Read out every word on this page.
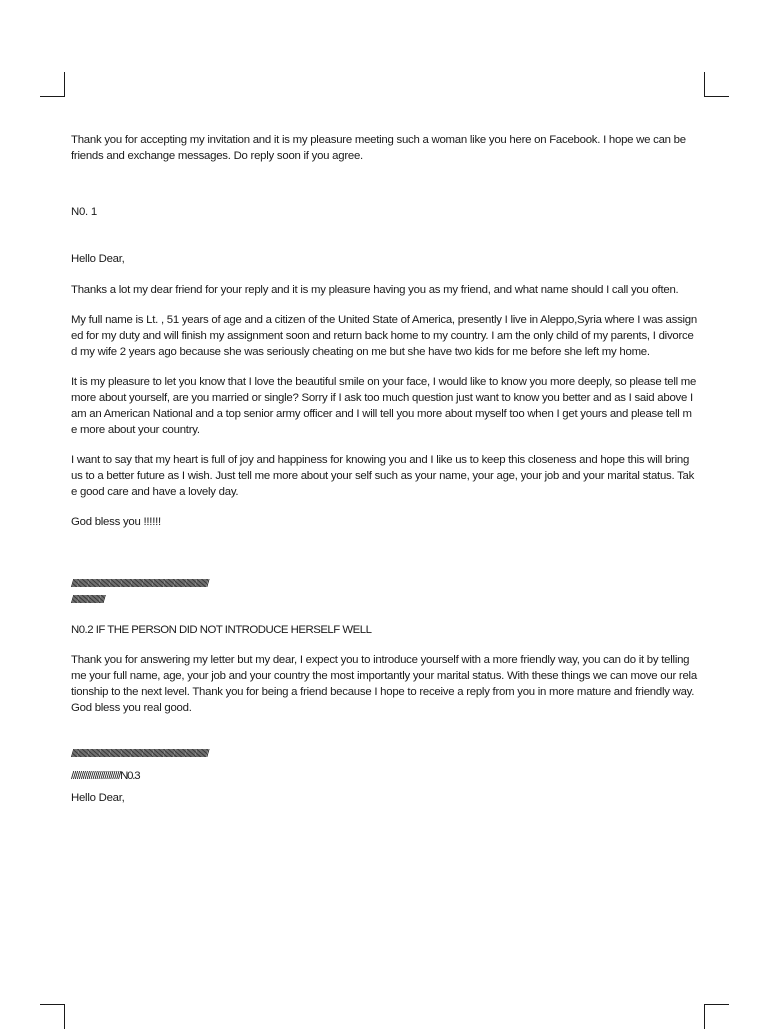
Thank you for accepting my invitation and it is my pleasure meeting such a woman like you here on Facebook. I hope we can be friends and exchange messages. Do reply soon if you agree.

N0. 1

Hello Dear,

Thanks a lot my dear friend for your reply and it is my pleasure having you as my friend, and what name should I call you often.

My full name is Lt. , 51 years of age and a citizen of the United State of America, presently I live in Aleppo,Syria where I was assigned for my duty and will finish my assignment soon and return back home to my country. I am the only child of my parents, I divorced my wife 2 years ago because she was seriously cheating on me but she have two kids for me before she left my home.

It is my pleasure to let you know that I love the beautiful smile on your face, I would like to know you more deeply, so please tell me more about yourself, are you married or single? Sorry if I ask too much question just want to know you better and as I said above I am an American National and a top senior army officer and I will tell you more about myself too when I get yours and please tell me more about your country.

I want to say that my heart is full of joy and happiness for knowing you and I like us to keep this closeness and hope this will bring us to a better future as I wish. Just tell me more about your self such as your name, your age, your job and your marital status. Take good care and have a lovely day.

God bless you !!!!!!

////////////////////////////////////////////////////////////////////////////////////////////////////////////

//////////////////////////

N0.2 IF THE PERSON DID NOT INTRODUCE HERSELF WELL

Thank you for answering my letter but my dear, I expect you to introduce yourself with a more friendly way, you can do it by telling me your full name, age, your job and your country the most importantly your marital status. With these things we can move our relationship to the next level. Thank you for being a friend because I hope to receive a reply from you in more mature and friendly way. God bless you real good.

////////////////////////////////////////////////////////////////////////////////////////////////////////////

/////////////////////////N0.3

Hello Dear,
